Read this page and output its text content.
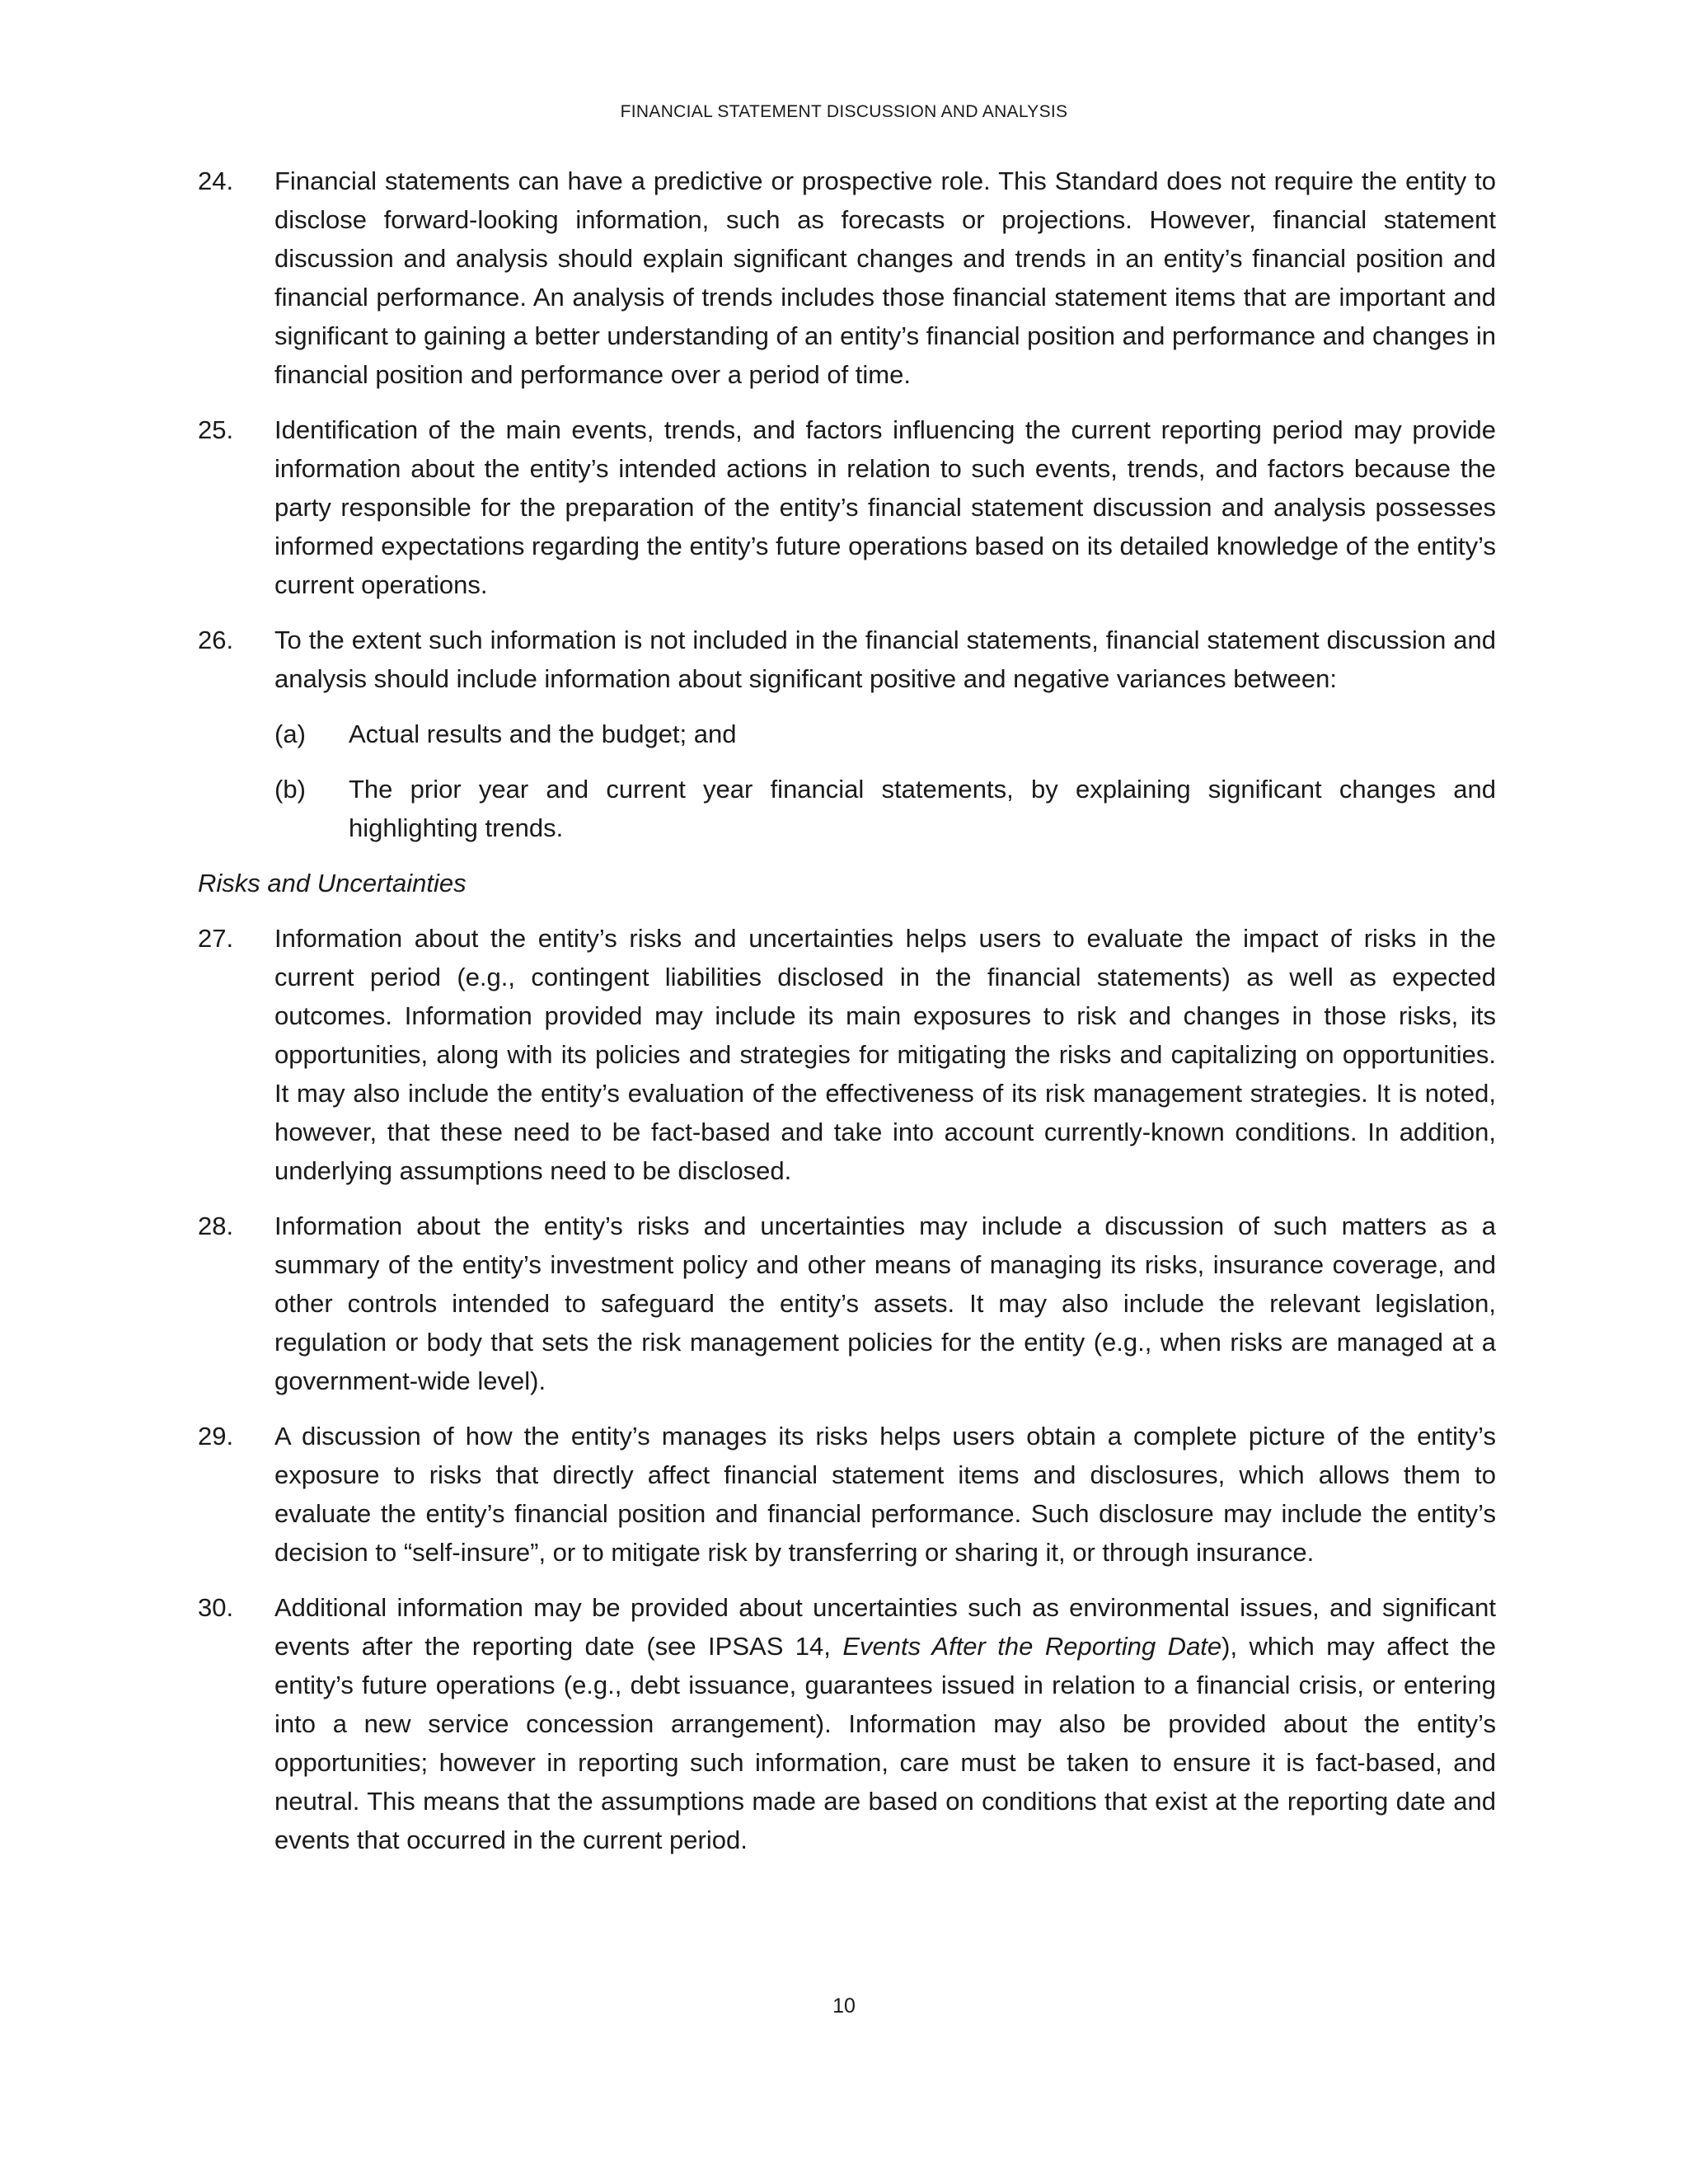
FINANCIAL STATEMENT DISCUSSION AND ANALYSIS
24. Financial statements can have a predictive or prospective role. This Standard does not require the entity to disclose forward-looking information, such as forecasts or projections. However, financial statement discussion and analysis should explain significant changes and trends in an entity’s financial position and financial performance. An analysis of trends includes those financial statement items that are important and significant to gaining a better understanding of an entity’s financial position and performance and changes in financial position and performance over a period of time.
25. Identification of the main events, trends, and factors influencing the current reporting period may provide information about the entity’s intended actions in relation to such events, trends, and factors because the party responsible for the preparation of the entity’s financial statement discussion and analysis possesses informed expectations regarding the entity’s future operations based on its detailed knowledge of the entity’s current operations.
26. To the extent such information is not included in the financial statements, financial statement discussion and analysis should include information about significant positive and negative variances between:
(a) Actual results and the budget; and
(b) The prior year and current year financial statements, by explaining significant changes and highlighting trends.
Risks and Uncertainties
27. Information about the entity’s risks and uncertainties helps users to evaluate the impact of risks in the current period (e.g., contingent liabilities disclosed in the financial statements) as well as expected outcomes. Information provided may include its main exposures to risk and changes in those risks, its opportunities, along with its policies and strategies for mitigating the risks and capitalizing on opportunities. It may also include the entity’s evaluation of the effectiveness of its risk management strategies. It is noted, however, that these need to be fact-based and take into account currently-known conditions. In addition, underlying assumptions need to be disclosed.
28. Information about the entity’s risks and uncertainties may include a discussion of such matters as a summary of the entity’s investment policy and other means of managing its risks, insurance coverage, and other controls intended to safeguard the entity’s assets. It may also include the relevant legislation, regulation or body that sets the risk management policies for the entity (e.g., when risks are managed at a government-wide level).
29. A discussion of how the entity’s manages its risks helps users obtain a complete picture of the entity’s exposure to risks that directly affect financial statement items and disclosures, which allows them to evaluate the entity’s financial position and financial performance. Such disclosure may include the entity’s decision to “self-insure”, or to mitigate risk by transferring or sharing it, or through insurance.
30. Additional information may be provided about uncertainties such as environmental issues, and significant events after the reporting date (see IPSAS 14, Events After the Reporting Date), which may affect the entity’s future operations (e.g., debt issuance, guarantees issued in relation to a financial crisis, or entering into a new service concession arrangement). Information may also be provided about the entity’s opportunities; however in reporting such information, care must be taken to ensure it is fact-based, and neutral. This means that the assumptions made are based on conditions that exist at the reporting date and events that occurred in the current period.
10
